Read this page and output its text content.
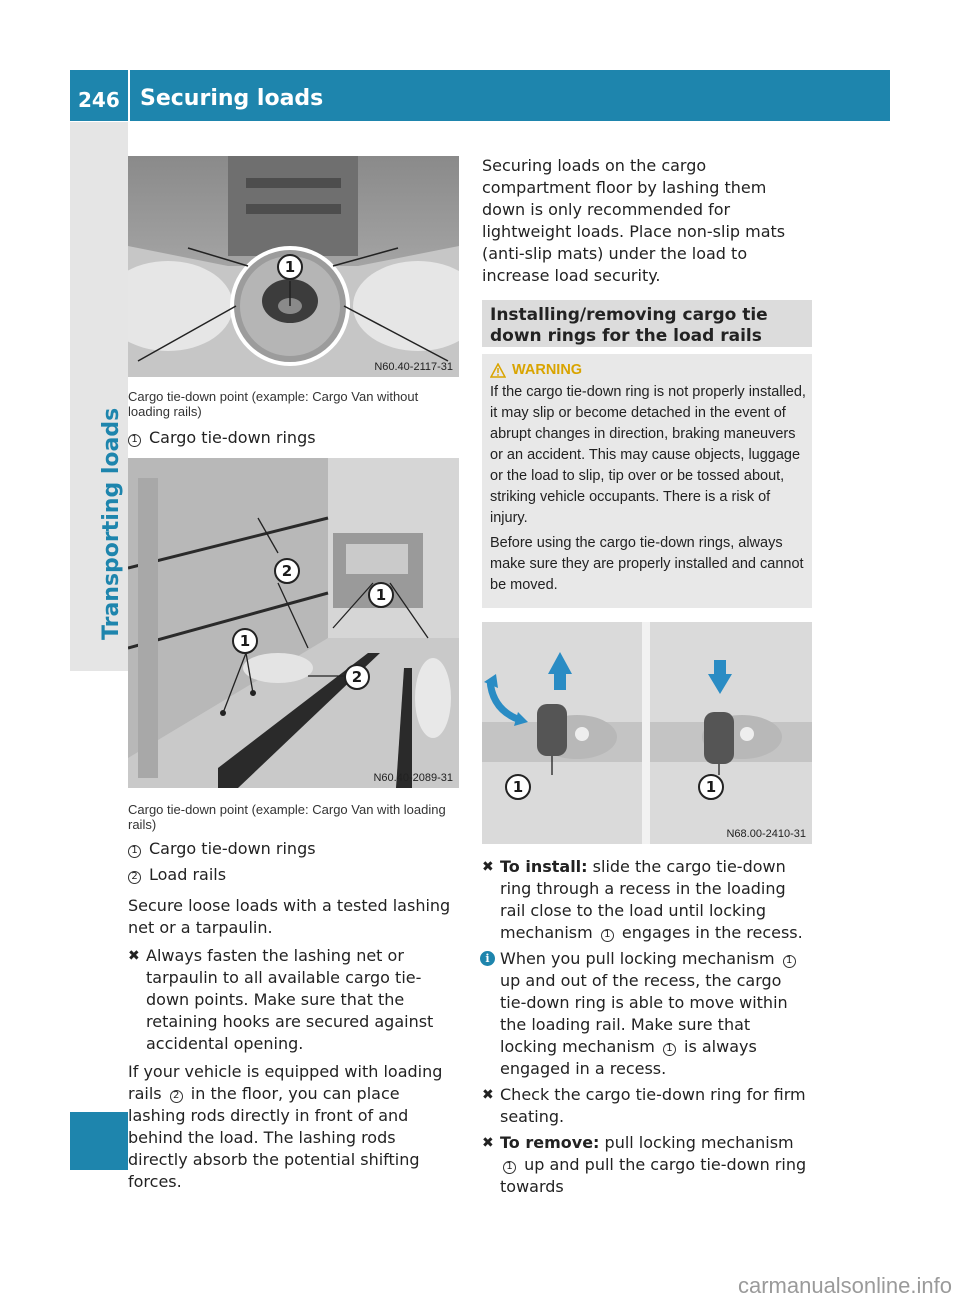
246 Securing loads
Transporting loads
1
N60.40-2117-31
Cargo tie-down point (example: Cargo Van without loading rails)
1 Cargo tie-down rings
2
1
1
2
N60.40-2089-31
Cargo tie-down point (example: Cargo Van with loading rails)
1 Cargo tie-down rings
2 Load rails

Secure loose loads with a tested lashing net or a tarpaulin.

✖ Always fasten the lashing net or tarpaulin to all available cargo tie-down points. Make sure that the retaining hooks are secured against accidental opening.

If your vehicle is equipped with loading rails 2 in the floor, you can place lashing rods directly in front of and behind the load. The lashing rods directly absorb the potential shifting forces.

Securing loads on the cargo compartment floor by lashing them down is only recommended for lightweight loads. Place non-slip mats (anti-slip mats) under the load to increase load security.
Installing/removing cargo tie down rings for the load rails
WARNING

If the cargo tie-down ring is not properly installed, it may slip or become detached in the event of abrupt changes in direction, braking maneuvers or an accident. This may cause objects, luggage or the load to slip, tip over or be tossed about, striking vehicle occupants. There is a risk of injury.

Before using the cargo tie-down rings, always make sure they are properly installed and cannot be moved.

1	1
N68.00-2410-31
✖ To install: slide the cargo tie-down ring through a recess in the loading rail close to the load until locking mechanism 1 engages in the recess.
i When you pull locking mechanism 1 up and out of the recess, the cargo tie-down ring is able to move within the loading rail. Make sure that locking mechanism 1 is always engaged in a recess.
✖ Check the cargo tie-down ring for firm seating.
✖ To remove: pull locking mechanism 1 up and pull the cargo tie-down ring towards
carmanualsonline.info
